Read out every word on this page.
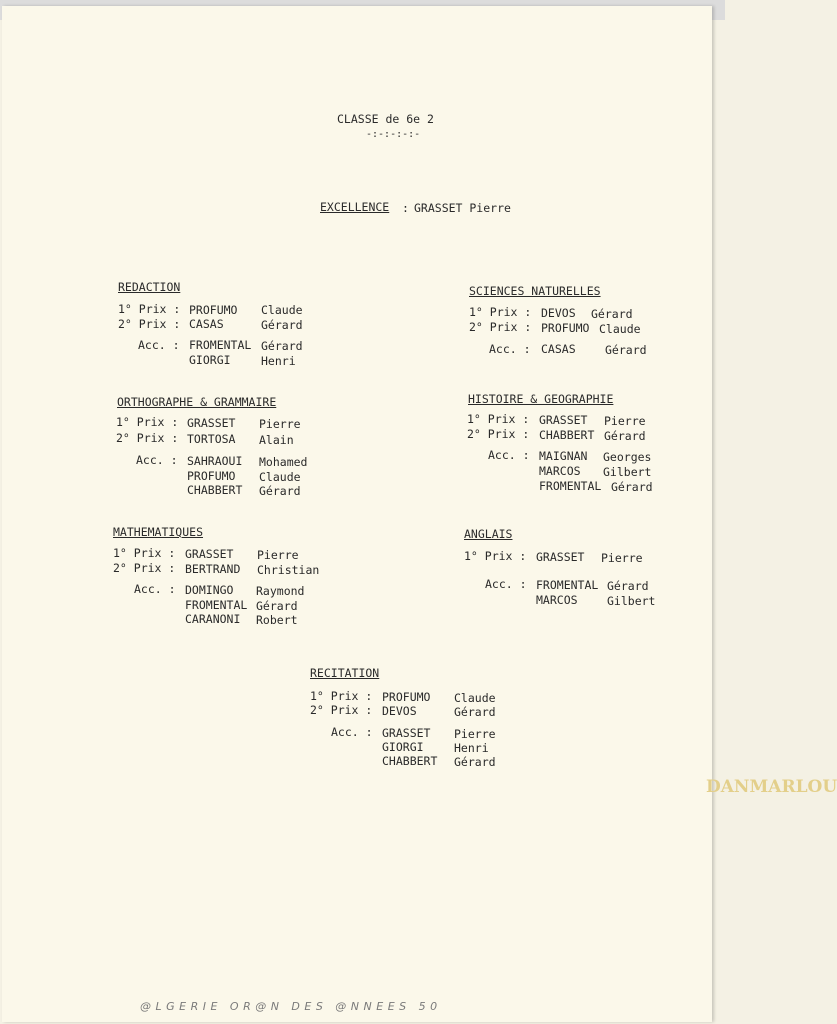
CLASSE de 6e 2
-:-:-:-:-
EXCELLENCE : GRASSET Pierre
REDACTION
1° Prix : PROFUMO Claude
2° Prix : CASAS	Gérard
Acc. : FROMENTAL Gérard
GIORGI	Henri
SCIENCES NATURELLES
1° Prix : DEVOS Gérard
2° Prix : PROFUMO Claude
Acc. : CASAS	Gérard
ORTHOGRAPHE & GRAMMAIRE
1° Prix : GRASSET Pierre
2° Prix : TORTOSA Alain
Acc. : SAHRAOUI Mohamed
PROFUMO Claude
CHABBERT Gérard
HISTOIRE & GEOGRAPHIE
1° Prix : GRASSET Pierre
2° Prix : CHABBERT Gérard
Acc. : MAIGNAN Georges
MARCOS Gilbert
FROMENTAL Gérard
MATHEMATIQUES
1° Prix : GRASSET Pierre
2° Prix : BERTRAND Christian
Acc. : DOMINGO Raymond
FROMENTAL Gérard
CARANONI Robert
ANGLAIS
1° Prix : GRASSET Pierre
Acc. : FROMENTAL Gérard
MARCOS	Gilbert
RECITATION
1° Prix : PROFUMO Claude
2° Prix : DEVOS	Gérard
Acc. : GRASSET Pierre
GIORGI	Henri
CHABBERT Gérard
DANMARLOU
@ L G E R I E   O R @ N   D E S   @ N N E E S   5 0
